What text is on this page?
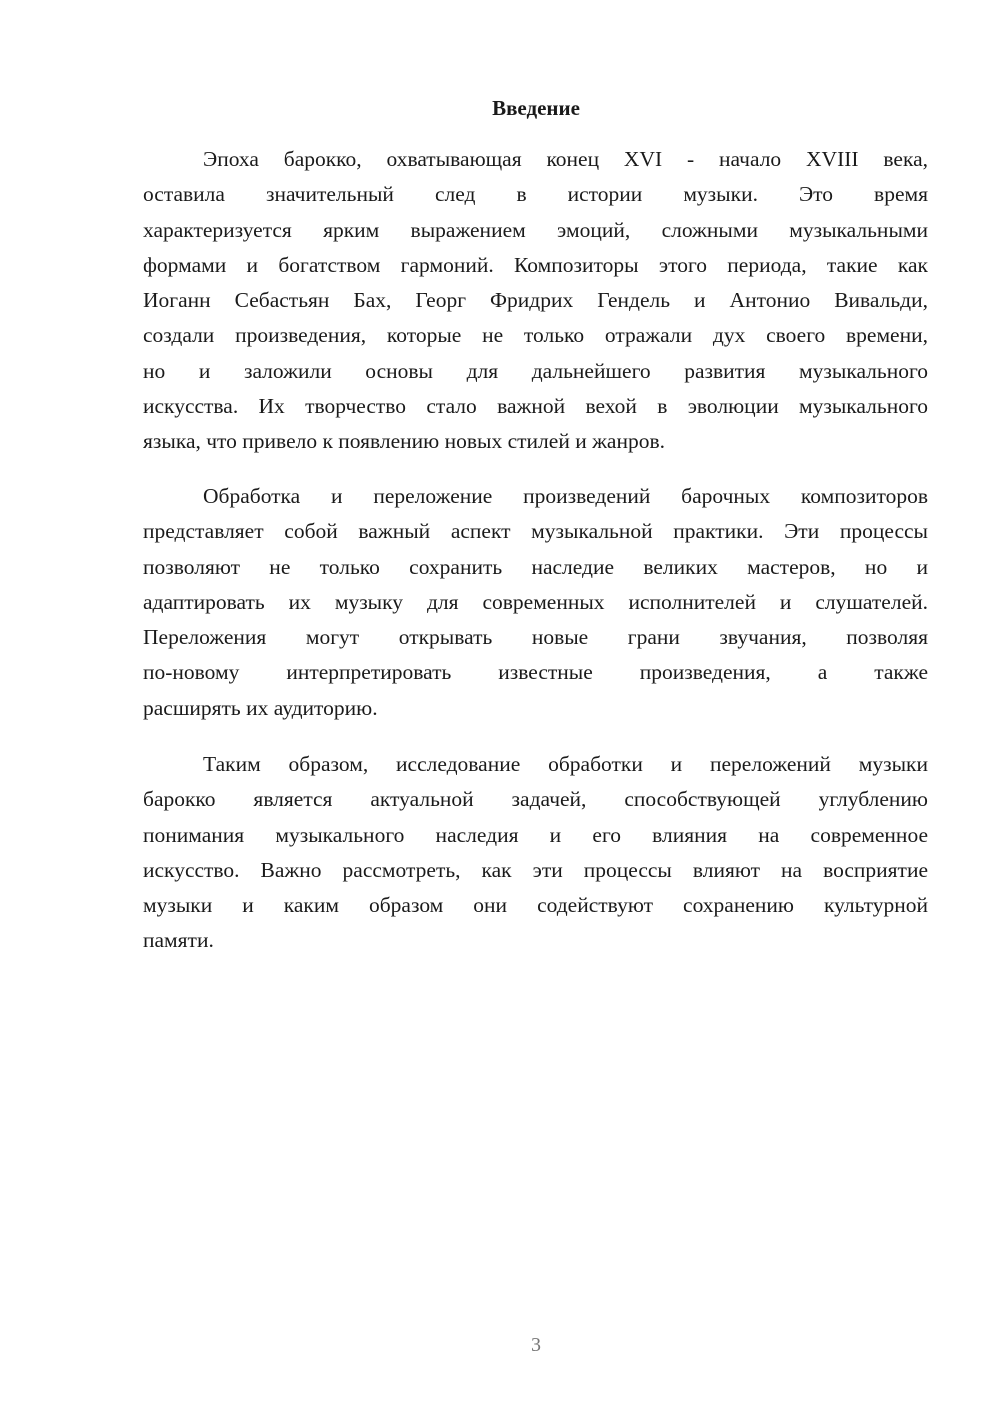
Введение
Эпоха барокко, охватывающая конец XVI - начало XVIII века,
оставила значительный след в истории музыки. Это время
характеризуется ярким выражением эмоций, сложными музыкальными
формами и богатством гармоний. Композиторы этого периода, такие как
Иоганн Себастьян Бах, Георг Фридрих Гендель и Антонио Вивальди,
создали произведения, которые не только отражали дух своего времени,
но и заложили основы для дальнейшего развития музыкального
искусства. Их творчество стало важной вехой в эволюции музыкального
языка, что привело к появлению новых стилей и жанров.
Обработка и переложение произведений барочных композиторов
представляет собой важный аспект музыкальной практики. Эти процессы
позволяют не только сохранить наследие великих мастеров, но и
адаптировать их музыку для современных исполнителей и слушателей.
Переложения могут открывать новые грани звучания, позволяя
по-новому интерпретировать известные произведения, а также
расширять их аудиторию.
Таким образом, исследование обработки и переложений музыки
барокко является актуальной задачей, способствующей углублению
понимания музыкального наследия и его влияния на современное
искусство. Важно рассмотреть, как эти процессы влияют на восприятие
музыки и каким образом они содействуют сохранению культурной
памяти.
3
